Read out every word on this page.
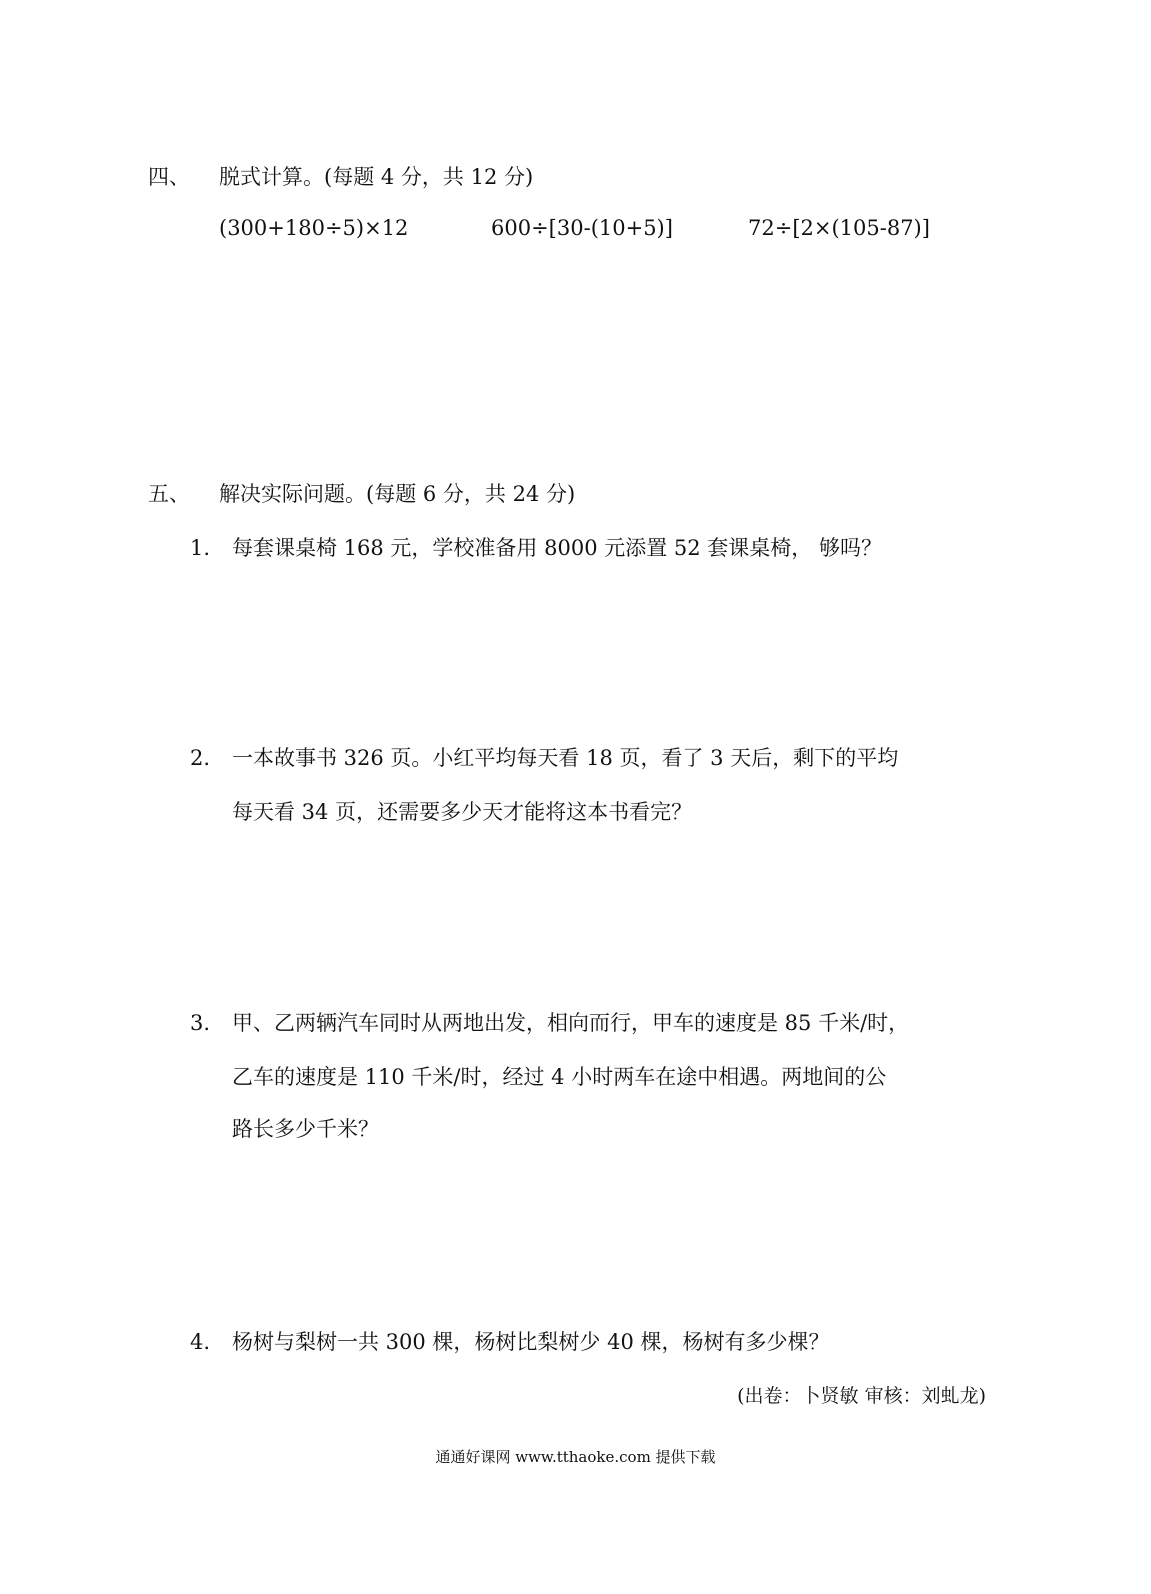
四、 脱式计算。(每题 4 分，共 12 分)
(300+180÷5)×12	600÷[30-(10+5)]	72÷[2×(105-87)]
五、 解决实际问题。(每题 6 分，共 24 分)
1. 每套课桌椅 168 元，学校准备用 8000 元添置 52 套课桌椅， 够吗？
2. 一本故事书 326 页。小红平均每天看 18 页，看了 3 天后，剩下的平均
每天看 34 页，还需要多少天才能将这本书看完？
3. 甲、乙两辆汽车同时从两地出发，相向而行，甲车的速度是 85 千米/时，
乙车的速度是 110 千米/时，经过 4 小时两车在途中相遇。两地间的公
路长多少千米？
4. 杨树与梨树一共 300 棵，杨树比梨树少 40 棵，杨树有多少棵？
(出卷：卜贤敏 审核：刘虬龙)
通通好课网 www.tthaoke.com 提供下载
